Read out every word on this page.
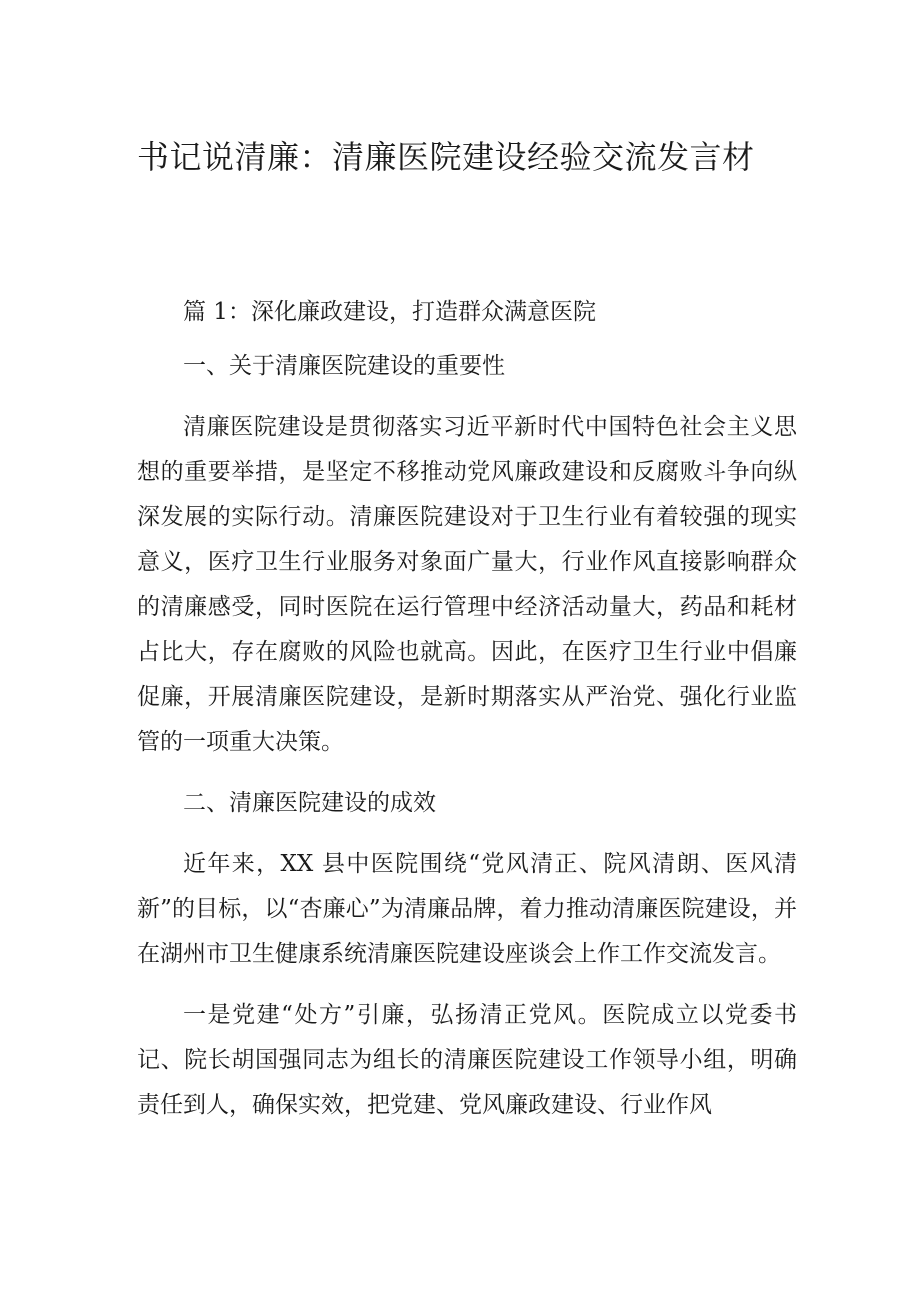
书记说清廉：清廉医院建设经验交流发言材

篇 1：深化廉政建设，打造群众满意医院

一、关于清廉医院建设的重要性

清廉医院建设是贯彻落实习近平新时代中国特色社会主义思想的重要举措，是坚定不移推动党风廉政建设和反腐败斗争向纵深发展的实际行动。清廉医院建设对于卫生行业有着较强的现实意义，医疗卫生行业服务对象面广量大，行业作风直接影响群众的清廉感受，同时医院在运行管理中经济活动量大，药品和耗材占比大，存在腐败的风险也就高。因此，在医疗卫生行业中倡廉促廉，开展清廉医院建设，是新时期落实从严治党、强化行业监管的一项重大决策。

二、清廉医院建设的成效

近年来，XX 县中医院围绕“党风清正、院风清朗、医风清新”的目标，以“杏廉心”为清廉品牌，着力推动清廉医院建设，并在湖州市卫生健康系统清廉医院建设座谈会上作工作交流发言。

一是党建“处方”引廉，弘扬清正党风。医院成立以党委书记、院长胡国强同志为组长的清廉医院建设工作领导小组，明确责任到人，确保实效，把党建、党风廉政建设、行业作风
